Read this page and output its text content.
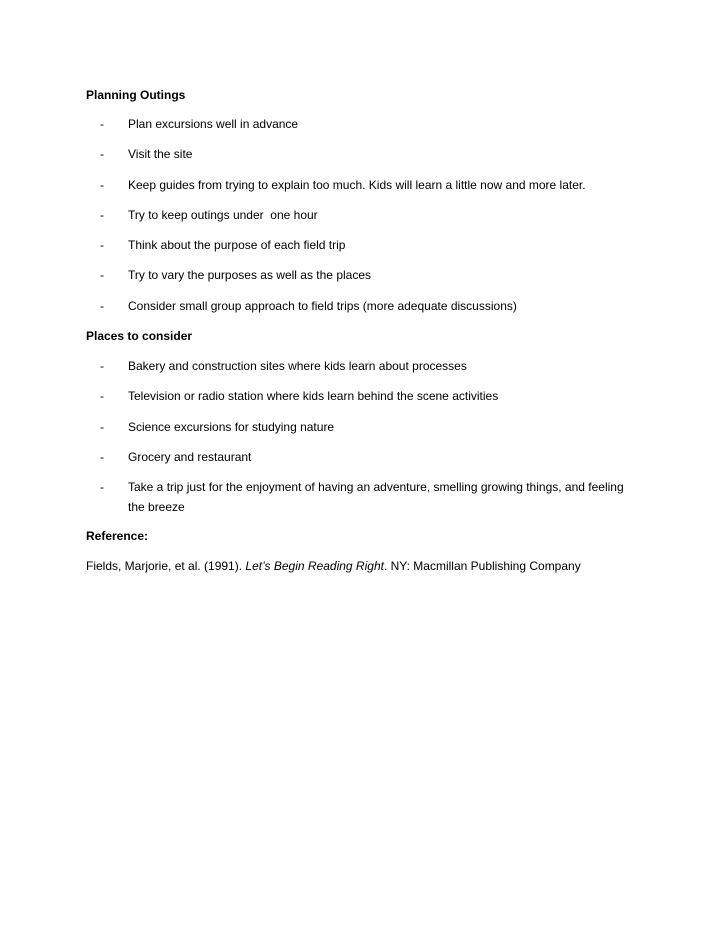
Planning Outings
- Plan excursions well in advance
- Visit the site
- Keep guides from trying to explain too much. Kids will learn a little now and more later.
- Try to keep outings under  one hour
- Think about the purpose of each field trip
- Try to vary the purposes as well as the places
- Consider small group approach to field trips (more adequate discussions)
Places to consider
- Bakery and construction sites where kids learn about processes
- Television or radio station where kids learn behind the scene activities
- Science excursions for studying nature
- Grocery and restaurant
- Take a trip just for the enjoyment of having an adventure, smelling growing things, and feeling the breeze
Reference:
Fields, Marjorie, et al. (1991). Let’s Begin Reading Right. NY: Macmillan Publishing Company
